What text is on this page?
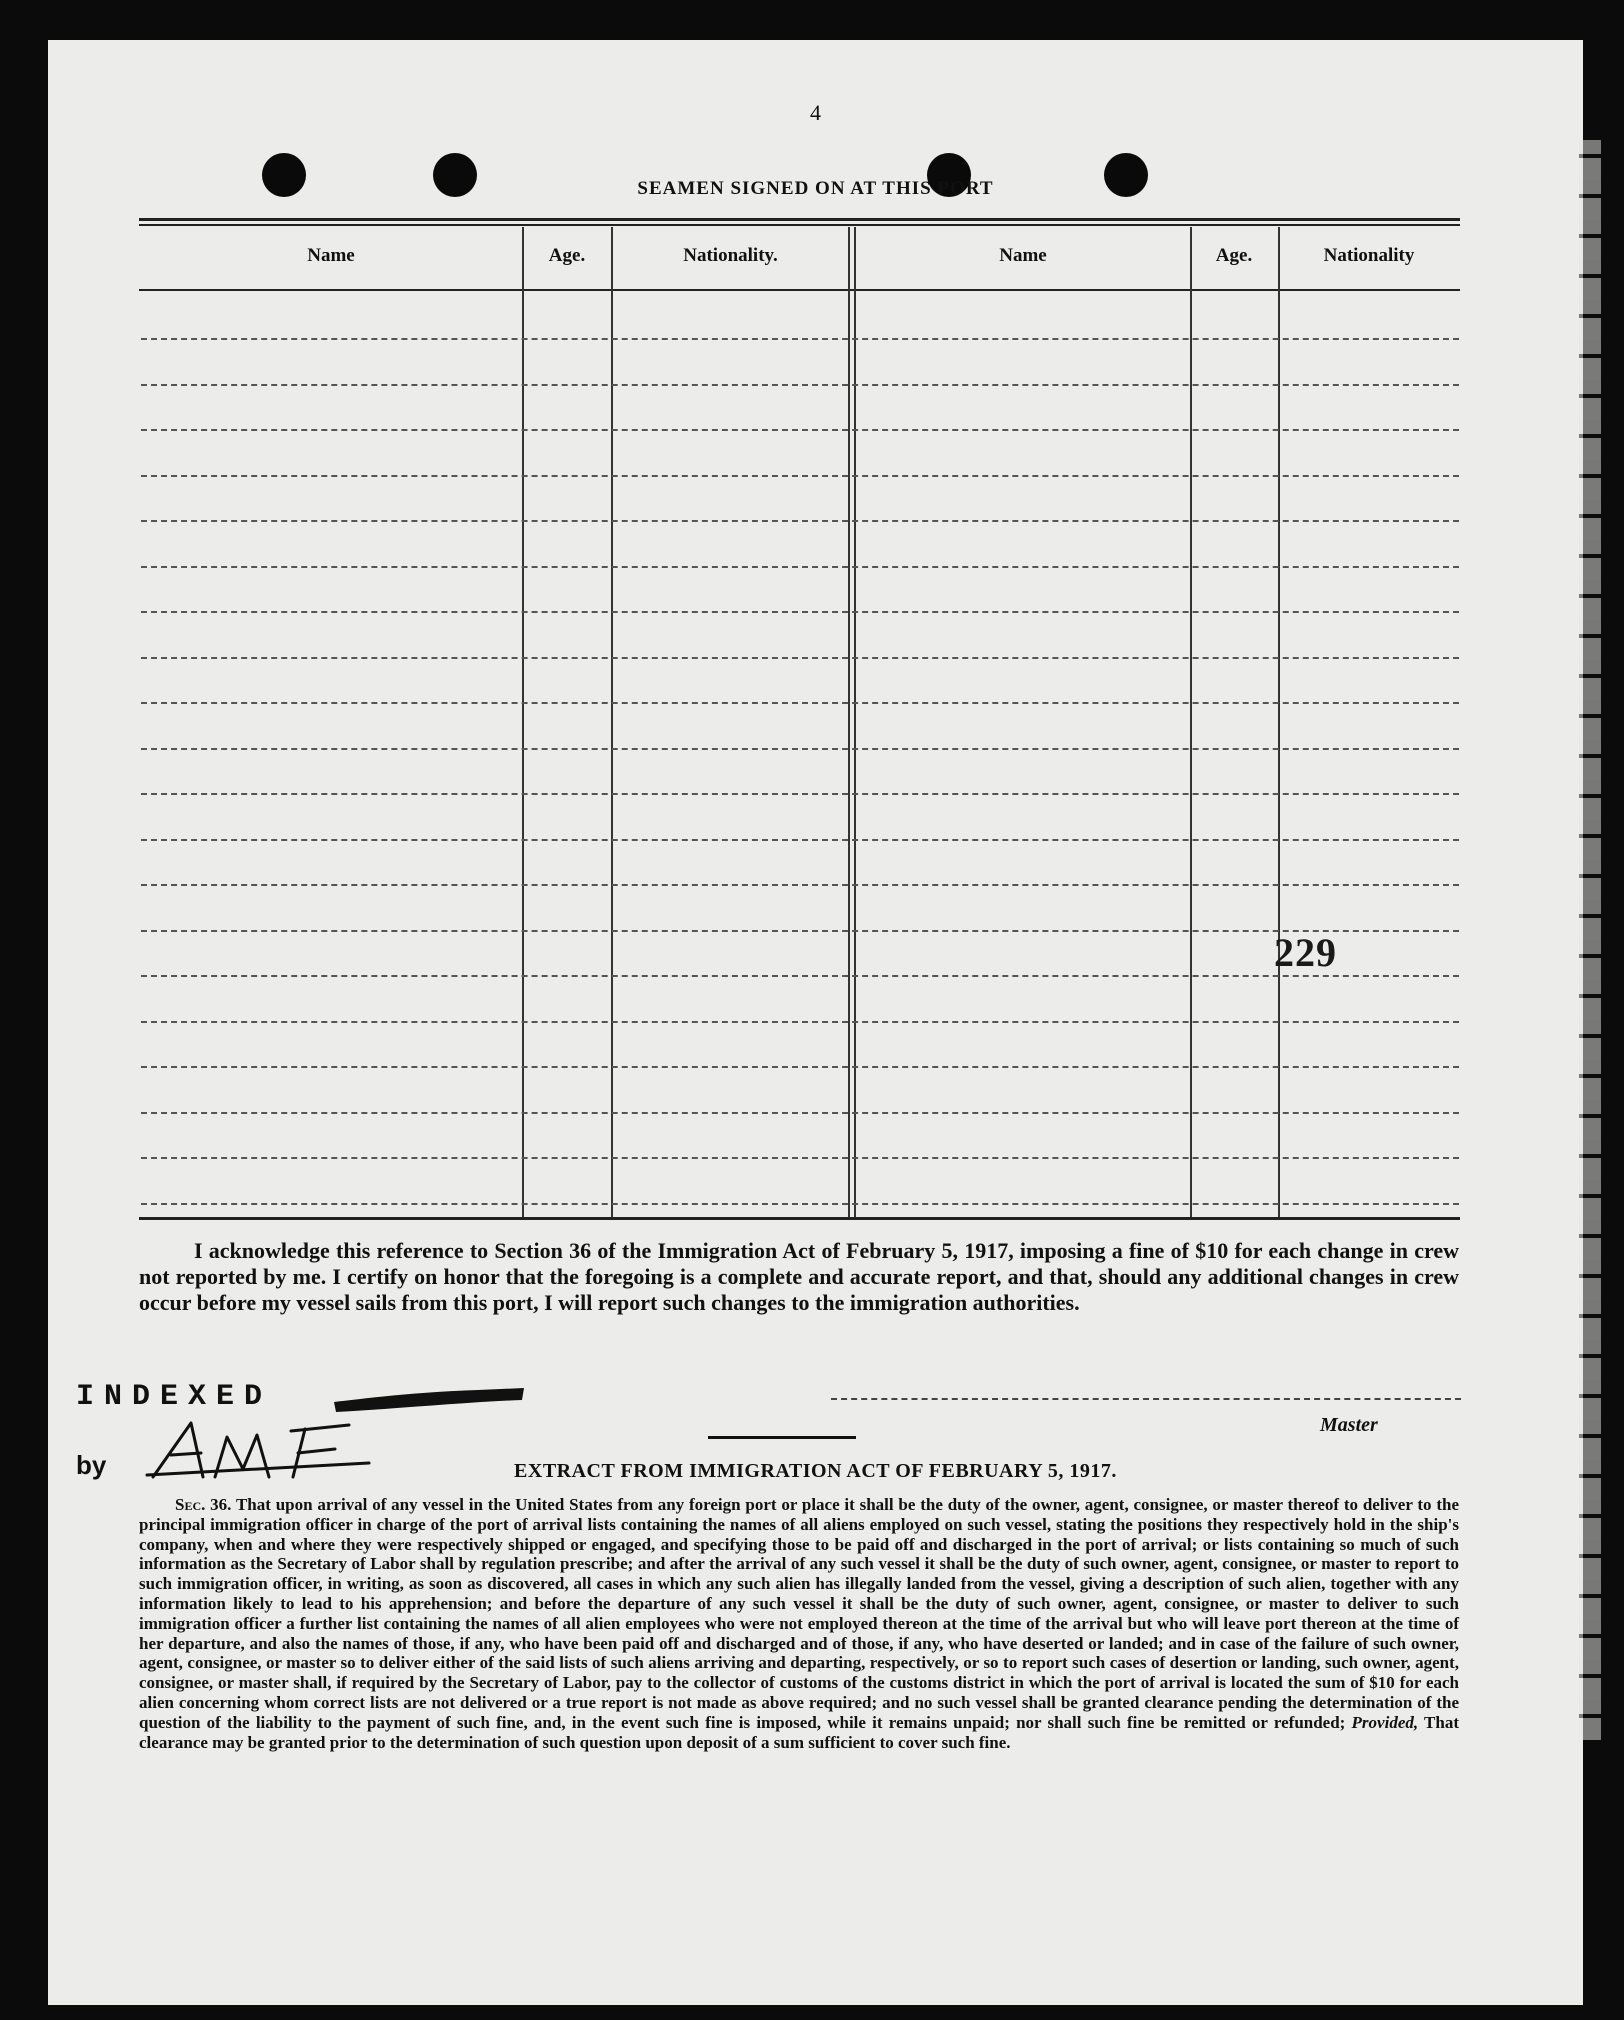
4
SEAMEN SIGNED ON AT THIS PORT
Name	Age.	Nationality.	Name	Age.	Nationality
229
I acknowledge this reference to Section 36 of the Immigration Act of February 5, 1917, imposing a fine of $10 for each change in crew not reported by me. I certify on honor that the foregoing is a complete and accurate report, and that, should any additional changes in crew occur before my vessel sails from this port, I will report such changes to the immigration authorities.
INDEXED
by
Master
EXTRACT FROM IMMIGRATION ACT OF FEBRUARY 5, 1917.
Sec. 36. That upon arrival of any vessel in the United States from any foreign port or place it shall be the duty of the owner, agent, consignee, or master thereof to deliver to the principal immigration officer in charge of the port of arrival lists containing the names of all aliens employed on such vessel, stating the positions they respectively hold in the ship's company, when and where they were respectively shipped or engaged, and specifying those to be paid off and discharged in the port of arrival; or lists containing so much of such information as the Secretary of Labor shall by regulation prescribe; and after the arrival of any such vessel it shall be the duty of such owner, agent, consignee, or master to report to such immigration officer, in writing, as soon as discovered, all cases in which any such alien has illegally landed from the vessel, giving a description of such alien, together with any information likely to lead to his apprehension; and before the departure of any such vessel it shall be the duty of such owner, agent, consignee, or master to deliver to such immigration officer a further list containing the names of all alien employees who were not employed thereon at the time of the arrival but who will leave port thereon at the time of her departure, and also the names of those, if any, who have been paid off and discharged and of those, if any, who have deserted or landed; and in case of the failure of such owner, agent, consignee, or master so to deliver either of the said lists of such aliens arriving and departing, respectively, or so to report such cases of desertion or landing, such owner, agent, consignee, or master shall, if required by the Secretary of Labor, pay to the collector of customs of the customs district in which the port of arrival is located the sum of $10 for each alien concerning whom correct lists are not delivered or a true report is not made as above required; and no such vessel shall be granted clearance pending the determination of the question of the liability to the payment of such fine, and, in the event such fine is imposed, while it remains unpaid; nor shall such fine be remitted or refunded; Provided, That clearance may be granted prior to the determination of such question upon deposit of a sum sufficient to cover such fine.
